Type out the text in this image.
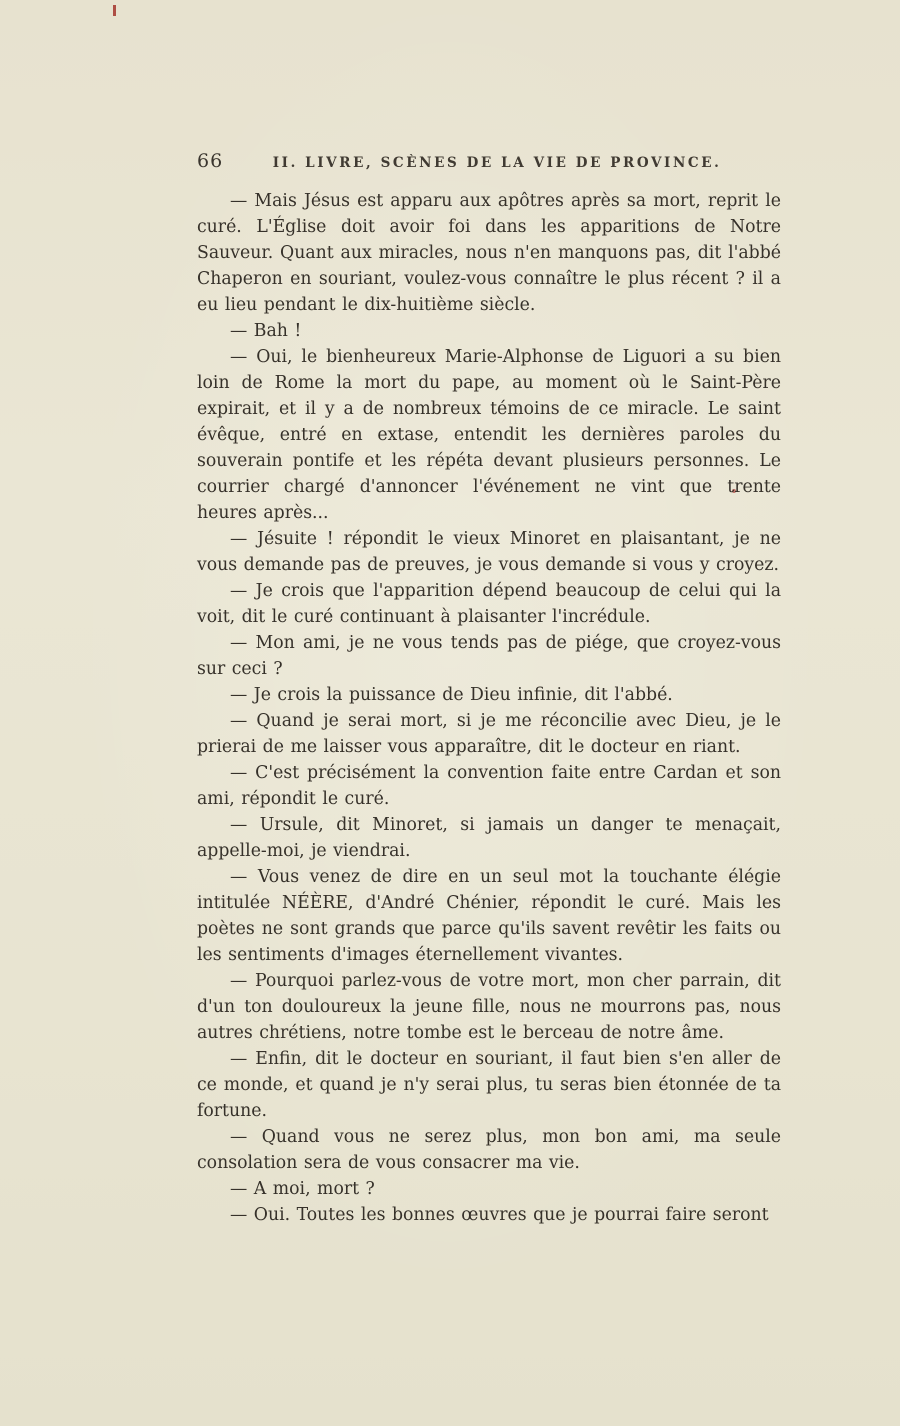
66	II. LIVRE, SCÈNES DE LA VIE DE PROVINCE.

— Mais Jésus est apparu aux apôtres après sa mort, reprit le curé. L'Église doit avoir foi dans les apparitions de Notre Sauveur. Quant aux miracles, nous n'en manquons pas, dit l'abbé Chaperon en souriant, voulez-vous connaître le plus récent ? il a eu lieu pendant le dix-huitième siècle.

— Bah !

— Oui, le bienheureux Marie-Alphonse de Liguori a su bien loin de Rome la mort du pape, au moment où le Saint-Père expirait, et il y a de nombreux témoins de ce miracle. Le saint évêque, entré en extase, entendit les dernières paroles du souverain pontife et les répéta devant plusieurs personnes. Le courrier chargé d'annoncer l'événement ne vint que trente heures après...

— Jésuite ! répondit le vieux Minoret en plaisantant, je ne vous demande pas de preuves, je vous demande si vous y croyez.

— Je crois que l'apparition dépend beaucoup de celui qui la voit, dit le curé continuant à plaisanter l'incrédule.

— Mon ami, je ne vous tends pas de piége, que croyez-vous sur ceci ?

— Je crois la puissance de Dieu infinie, dit l'abbé.

— Quand je serai mort, si je me réconcilie avec Dieu, je le prierai de me laisser vous apparaître, dit le docteur en riant.

— C'est précisément la convention faite entre Cardan et son ami, répondit le curé.

— Ursule, dit Minoret, si jamais un danger te menaçait, appelle-moi, je viendrai.

— Vous venez de dire en un seul mot la touchante élégie intitulée NÉÈRE, d'André Chénier, répondit le curé. Mais les poètes ne sont grands que parce qu'ils savent revêtir les faits ou les sentiments d'images éternellement vivantes.

— Pourquoi parlez-vous de votre mort, mon cher parrain, dit d'un ton douloureux la jeune fille, nous ne mourrons pas, nous autres chrétiens, notre tombe est le berceau de notre âme.

— Enfin, dit le docteur en souriant, il faut bien s'en aller de ce monde, et quand je n'y serai plus, tu seras bien étonnée de ta fortune.

— Quand vous ne serez plus, mon bon ami, ma seule consolation sera de vous consacrer ma vie.

— A moi, mort ?

— Oui. Toutes les bonnes œuvres que je pourrai faire seront
